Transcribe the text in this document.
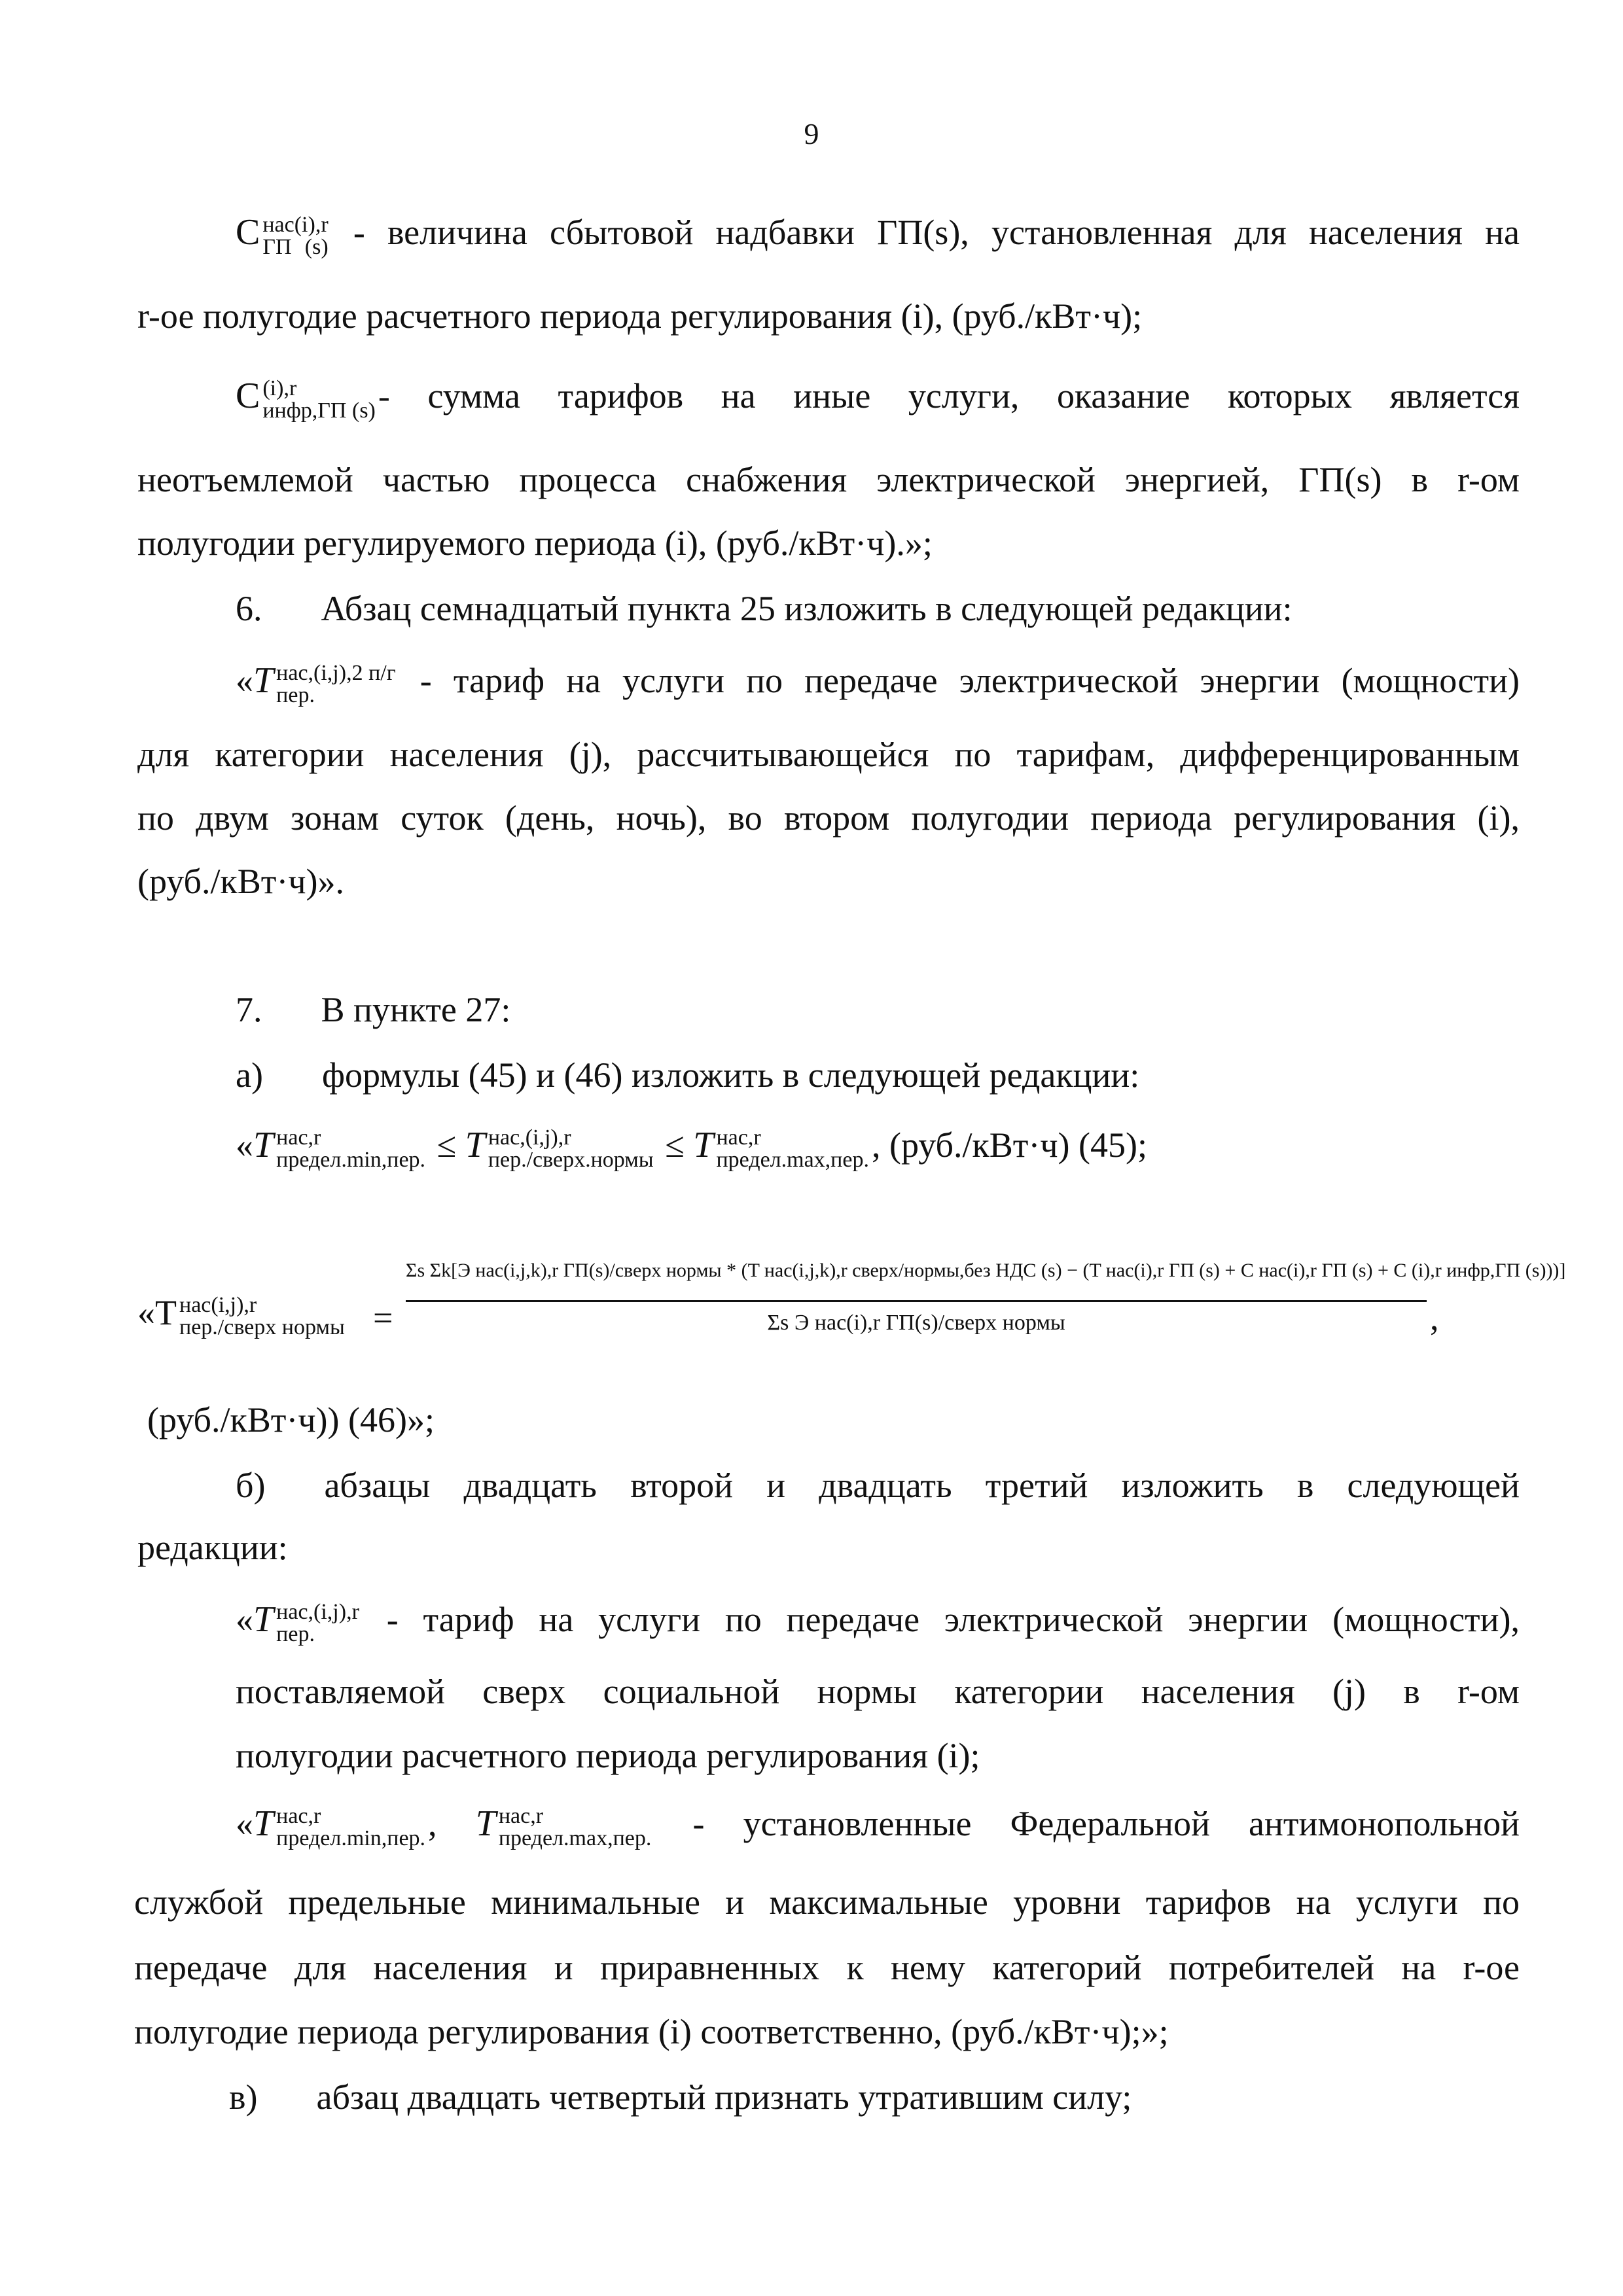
9
C нас(i),r
ГП (s) - величина сбытовой надбавки ГП(s), установленная для населения на
r-ое полугодие расчетного периода регулирования (i), (руб./кВт·ч);
C (i),r
инфр,ГП (s) - сумма тарифов на иные услуги, оказание которых является
неотъемлемой частью процесса снабжения электрической энергией, ГП(s) в r-ом
полугодии регулируемого периода (i), (руб./кВт·ч).»;
6. Абзац семнадцатый пункта 25 изложить в следующей редакции:
«T нас,(i,j),2 п/г
пер.	- тариф на услуги по передаче электрической энергии (мощности)
для категории населения (j), рассчитывающейся по тарифам, дифференцированным
по двум зонам суток (день, ночь), во втором полугодии периода регулирования (i),
(руб./кВт·ч)».
7. В пункте 27:
а) формулы (45) и (46) изложить в следующей редакции:
«T нас,r
предел.min,пер. ≤ T нас,(i,j),r
пер./сверх.нормы ≤ T нас,r
предел.max,пер. , (руб./кВт·ч) (45);
«T нас(i,j),r
пер./сверх нормы =
Σs Σk[Э нас(i,j,k),r ГП(s)/сверх нормы * (T нас(i,j,k),r сверх/нормы,без НДС (s) − (T нас(i),r ГП (s) + C нас(i),r ГП (s) + C (i),r инфр,ГП (s)))]
Σs Э нас(i),r ГП(s)/сверх нормы	,
(руб./кВт·ч)) (46)»;
б) абзацы двадцать второй и двадцать третий изложить в следующей
редакции:
«T нас,(i,j),r
пер.	- тариф на услуги по передаче электрической энергии (мощности),
поставляемой сверх социальной нормы категории населения (j) в r-ом
полугодии расчетного периода регулирования (i);
«T нас,r
предел.min,пер. , T нас,r
предел.max,пер. - установленные Федеральной антимонопольной
службой предельные минимальные и максимальные уровни тарифов на услуги по
передаче для населения и приравненных к нему категорий потребителей на r-ое
полугодие периода регулирования (i) соответственно, (руб./кВт·ч);»;
в) абзац двадцать четвертый признать утратившим силу;
